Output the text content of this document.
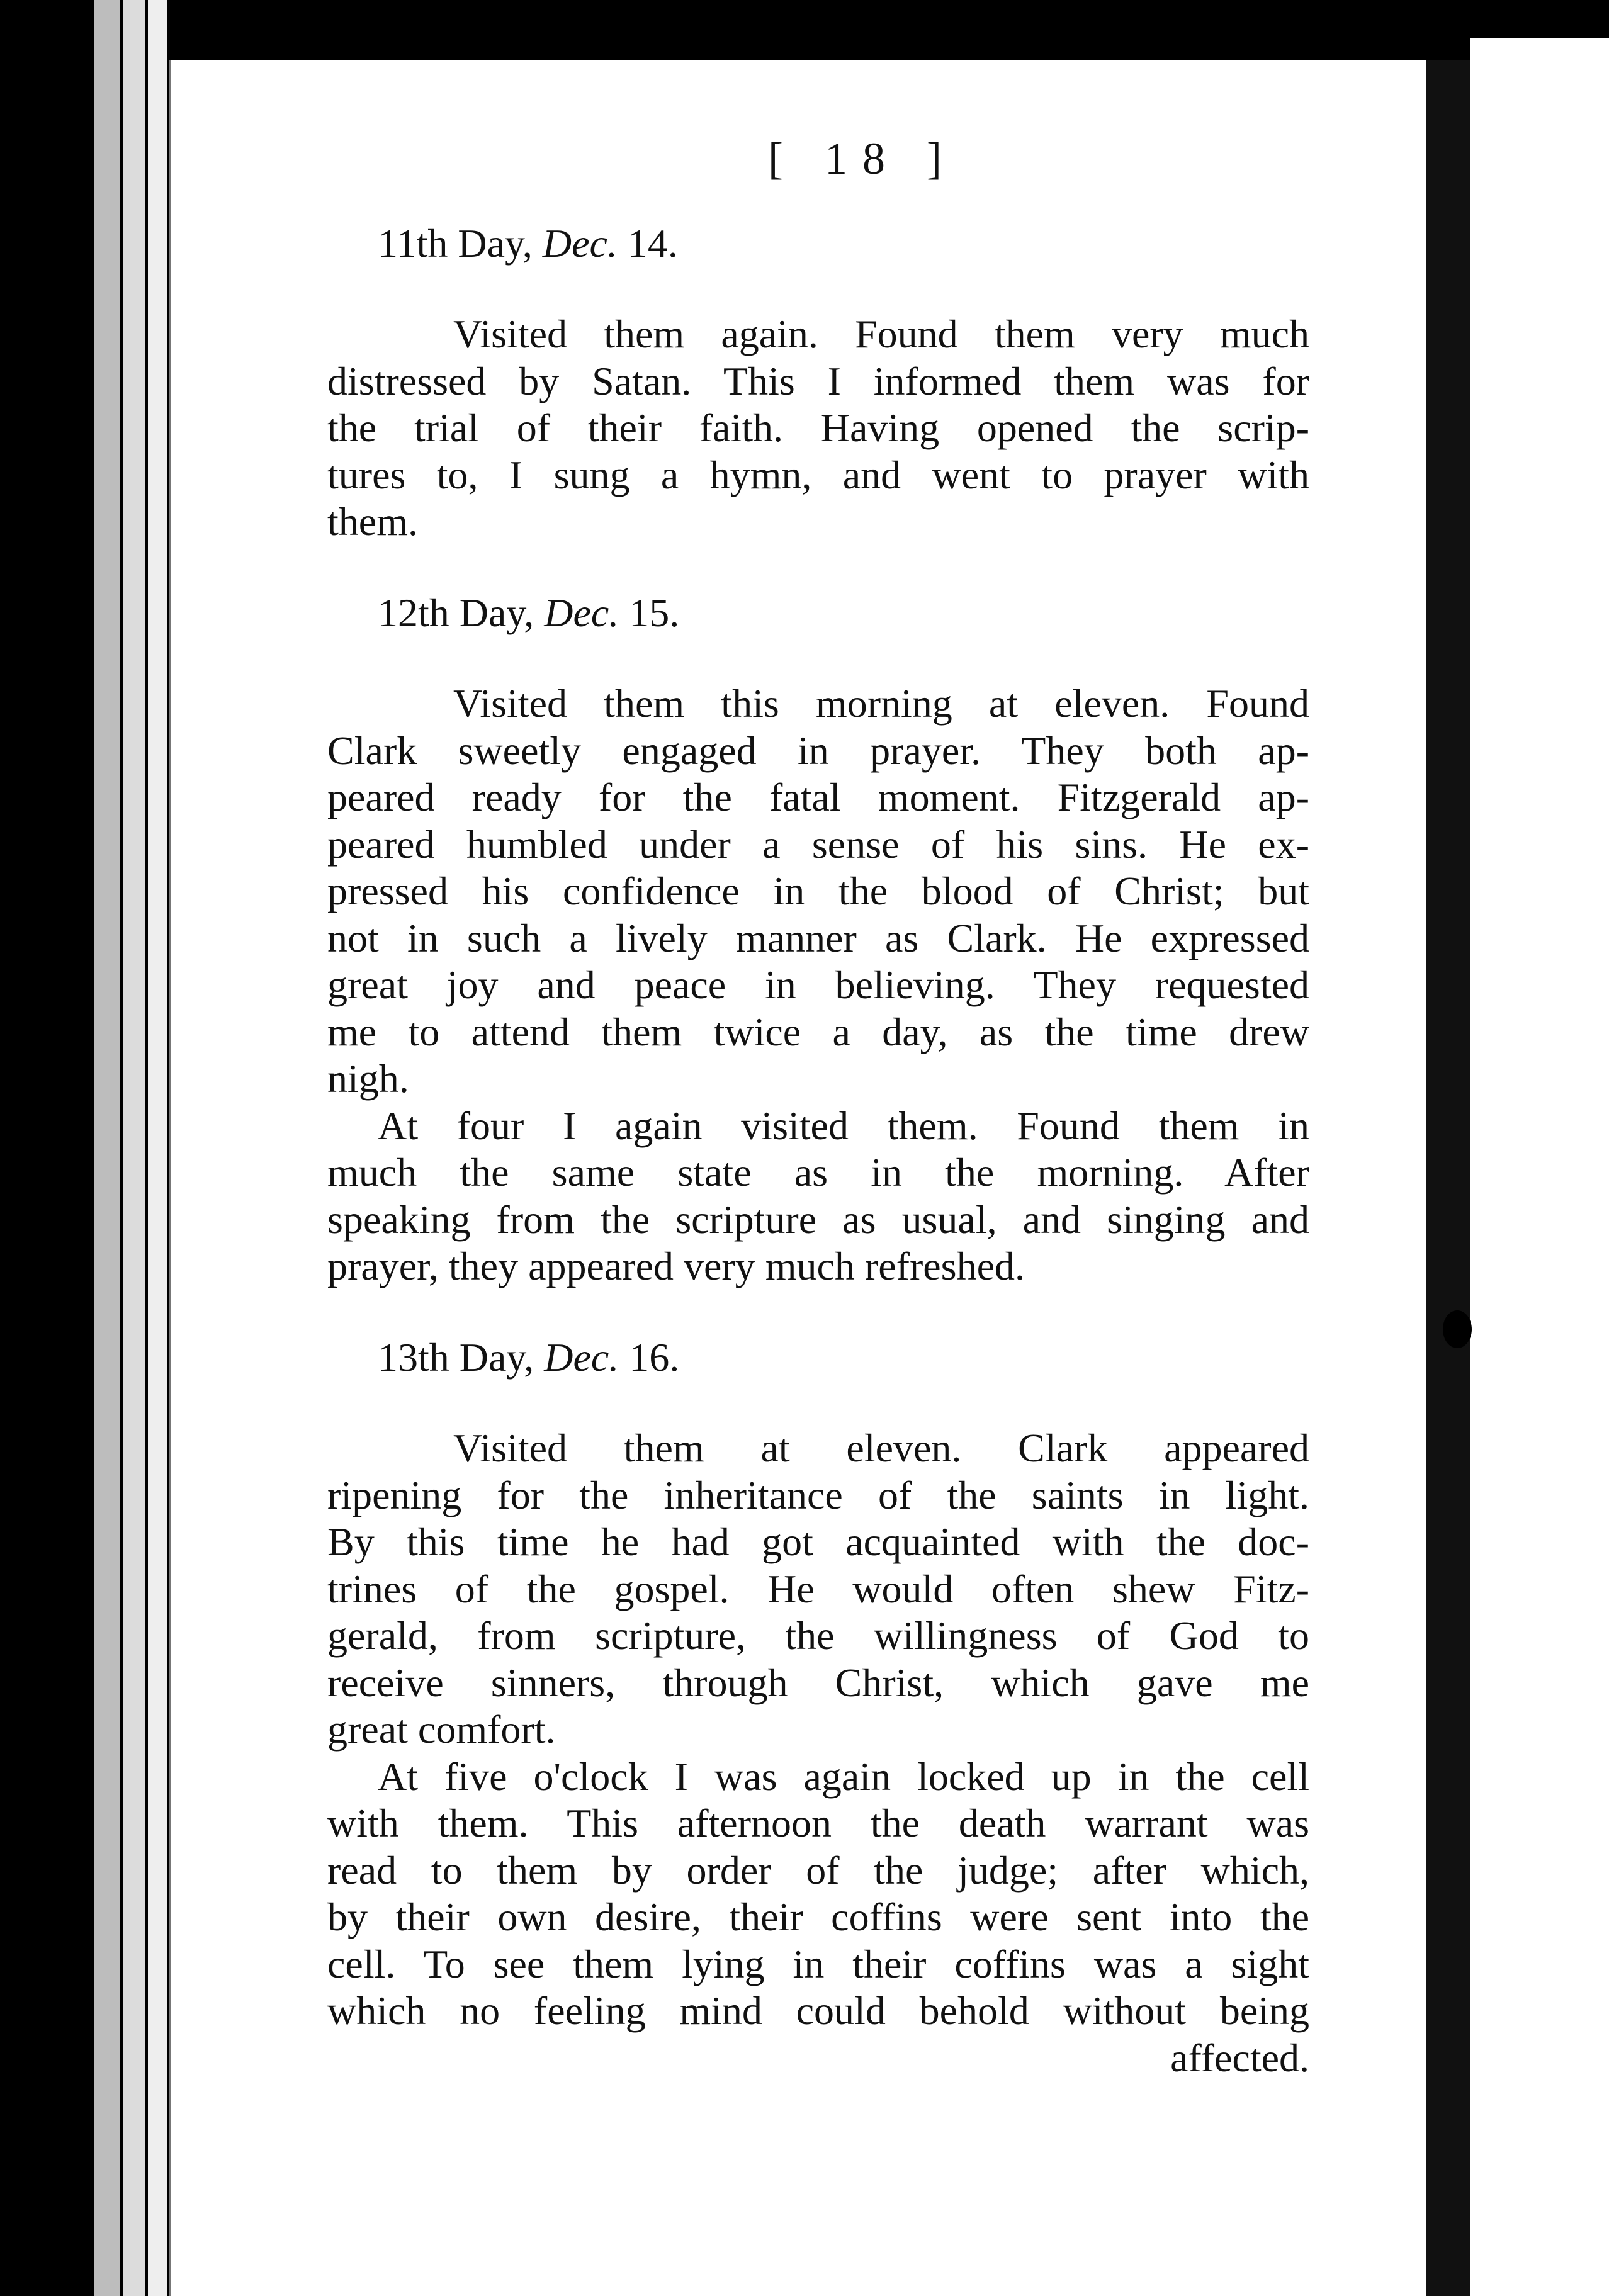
[ 18 ]
11th Day, Dec. 14.
Visited them again. Found them very much
distressed by Satan. This I informed them was for
the trial of their faith. Having opened the scrip-
tures to, I sung a hymn, and went to prayer with
them.
12th Day, Dec. 15.
Visited them this morning at eleven. Found
Clark sweetly engaged in prayer. They both ap-
peared ready for the fatal moment. Fitzgerald ap-
peared humbled under a sense of his sins. He ex-
pressed his confidence in the blood of Christ; but
not in such a lively manner as Clark. He expressed
great joy and peace in believing. They requested
me to attend them twice a day, as the time drew
nigh.
At four I again visited them. Found them in
much the same state as in the morning. After
speaking from the scripture as usual, and singing and
prayer, they appeared very much refreshed.
13th Day, Dec. 16.
Visited them at eleven. Clark appeared
ripening for the inheritance of the saints in light.
By this time he had got acquainted with the doc-
trines of the gospel. He would often shew Fitz-
gerald, from scripture, the willingness of God to
receive sinners, through Christ, which gave me
great comfort.
At five o'clock I was again locked up in the cell
with them. This afternoon the death warrant was
read to them by order of the judge; after which,
by their own desire, their coffins were sent into the
cell. To see them lying in their coffins was a sight
which no feeling mind could behold without being
affected.
